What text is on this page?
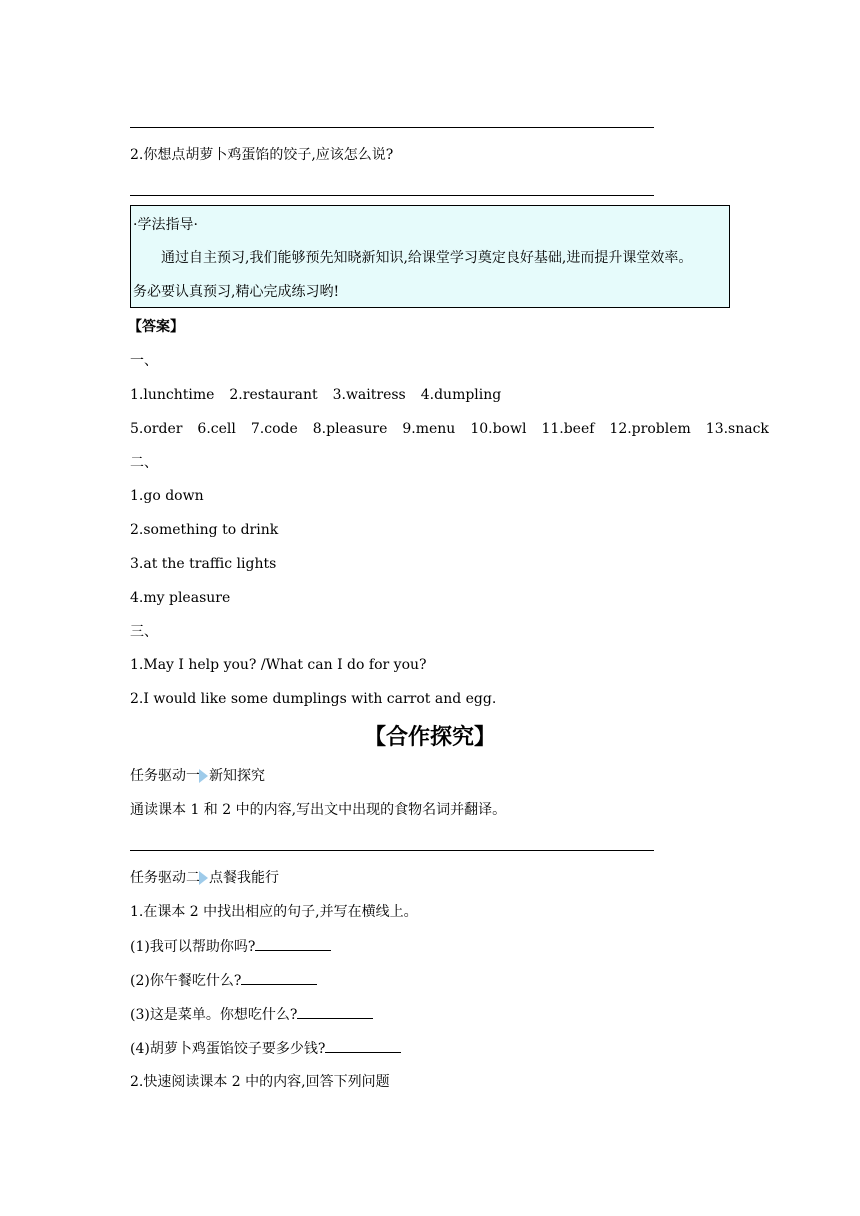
2.你想点胡萝卜鸡蛋馅的饺子,应该怎么说?
·学法指导·
通过自主预习,我们能够预先知晓新知识,给课堂学习奠定良好基础,进而提升课堂效率。
务必要认真预习,精心完成练习哟!
【答案】
一、
1.lunchtime 2.restaurant 3.waitress 4.dumpling
5.order 6.cell 7.code 8.pleasure 9.menu 10.bowl 11.beef 12.problem 13.snack
二、
1.go down
2.something to drink
3.at the traffic lights
4.my pleasure
三、
1.May I help you? /What can I do for you?
2.I would like some dumplings with carrot and egg.
【合作探究】
任务驱动一 新知探究
通读课本 1 和 2 中的内容,写出文中出现的食物名词并翻译。
任务驱动二 点餐我能行
1.在课本 2 中找出相应的句子,并写在横线上。
(1)我可以帮助你吗?
(2)你午餐吃什么?
(3)这是菜单。你想吃什么?
(4)胡萝卜鸡蛋馅饺子要多少钱?
2.快速阅读课本 2 中的内容,回答下列问题
